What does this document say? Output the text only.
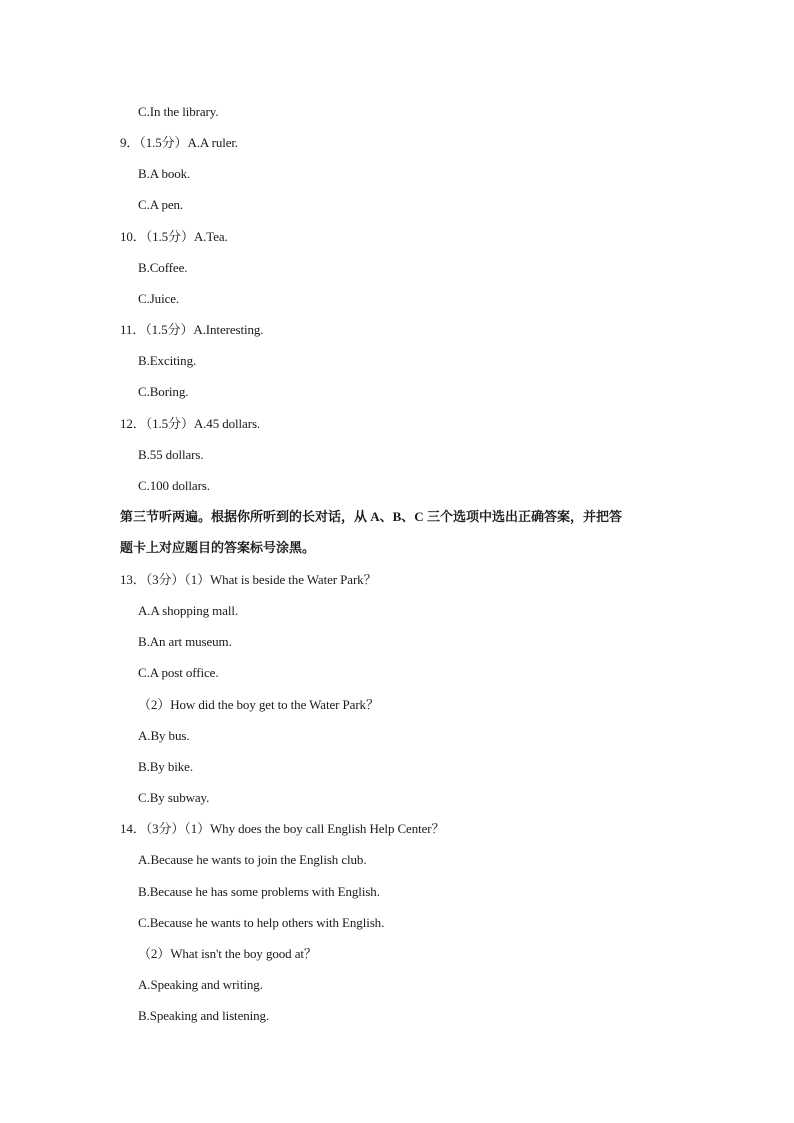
C.In the library.
9．（1.5分）A.A ruler.
B.A book.
C.A pen.
10．（1.5分）A.Tea.
B.Coffee.
C.Juice.
11．（1.5分）A.Interesting.
B.Exciting.
C.Boring.
12．（1.5分）A.45 dollars.
B.55 dollars.
C.100 dollars.
第三节听两遍。根据你所听到的长对话，从 A、B、C 三个选项中选出正确答案，并把答
题卡上对应题目的答案标号涂黑。
13．（3分）（1）What is beside the Water Park？
A.A shopping mall.
B.An art museum.
C.A post office.
（2）How did the boy get to the Water Park？
A.By bus.
B.By bike.
C.By subway.
14．（3分）（1）Why does the boy call English Help Center？
A.Because he wants to join the English club.
B.Because he has some problems with English.
C.Because he wants to help others with English.
（2）What isn't the boy good at？
A.Speaking and writing.
B.Speaking and listening.
